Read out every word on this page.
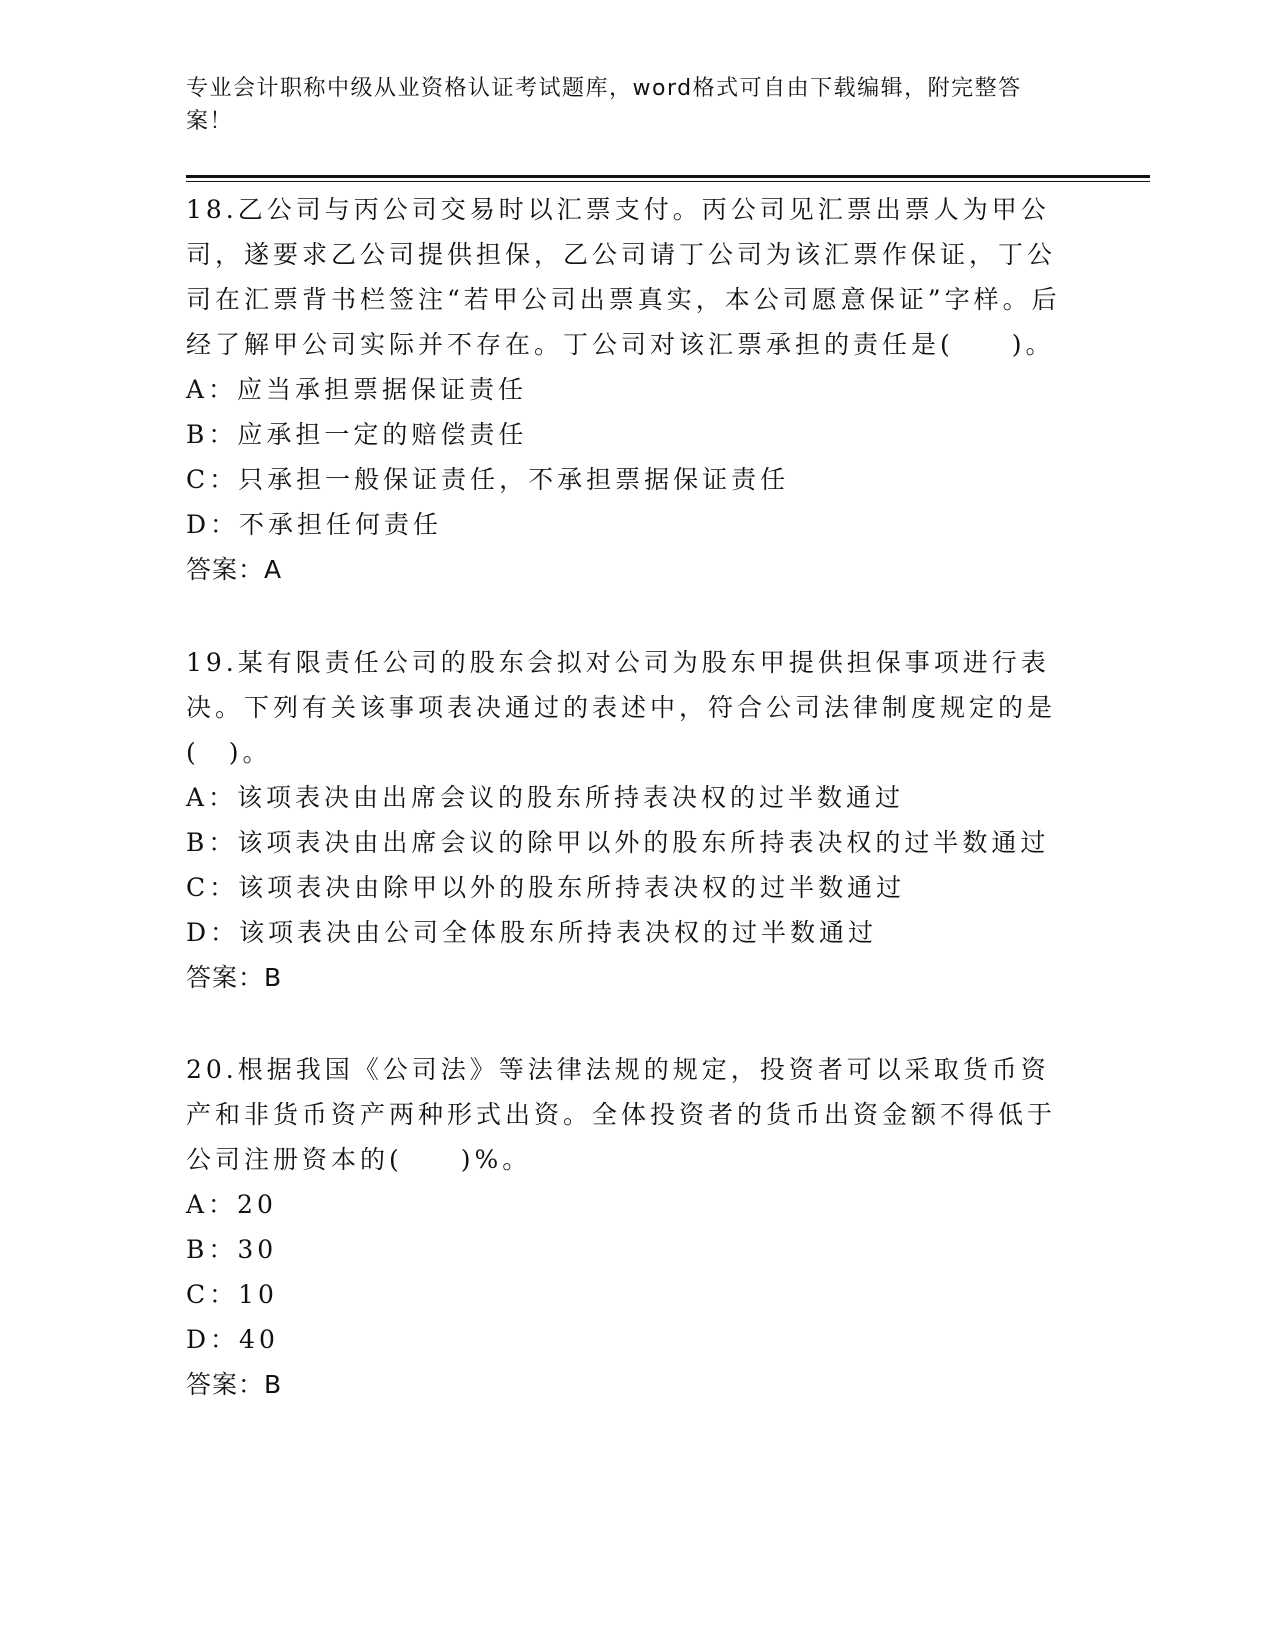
专业会计职称中级从业资格认证考试题库，word格式可自由下载编辑，附完整答案！

18.乙公司与丙公司交易时以汇票支付。丙公司见汇票出票人为甲公司，遂要求乙公司提供担保，乙公司请丁公司为该汇票作保证，丁公司在汇票背书栏签注“若甲公司出票真实，本公司愿意保证”字样。后经了解甲公司实际并不存在。丁公司对该汇票承担的责任是(　　)。

A：应当承担票据保证责任

B：应承担一定的赔偿责任

C：只承担一般保证责任，不承担票据保证责任

D：不承担任何责任

答案：A

19.某有限责任公司的股东会拟对公司为股东甲提供担保事项进行表决。下列有关该事项表决通过的表述中，符合公司法律制度规定的是(　)。

A：该项表决由出席会议的股东所持表决权的过半数通过

B：该项表决由出席会议的除甲以外的股东所持表决权的过半数通过

C：该项表决由除甲以外的股东所持表决权的过半数通过

D：该项表决由公司全体股东所持表决权的过半数通过

答案：B

20.根据我国《公司法》等法律法规的规定，投资者可以采取货币资产和非货币资产两种形式出资。全体投资者的货币出资金额不得低于公司注册资本的(　　)%。

A：20

B：30

C：10

D：40

答案：B
